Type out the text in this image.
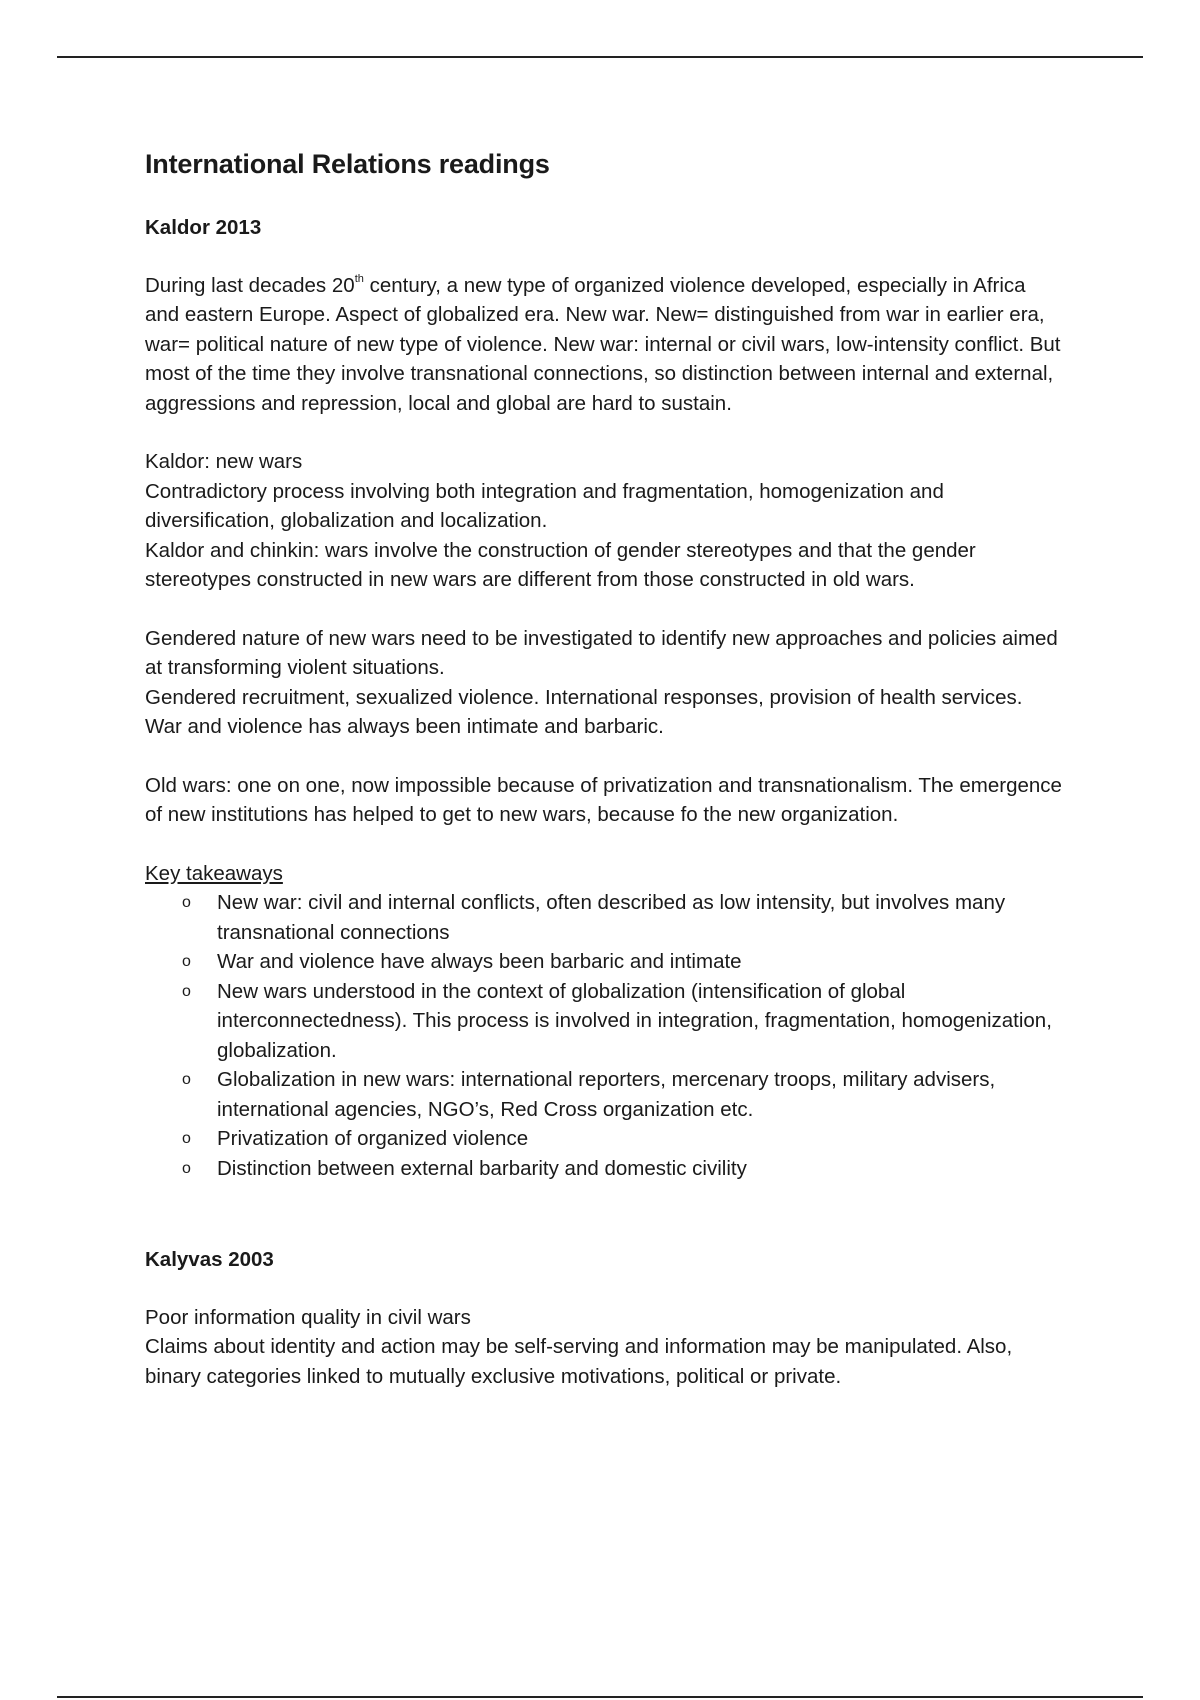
International Relations readings
Kaldor 2013

During last decades 20th century, a new type of organized violence developed, especially in Africa and eastern Europe. Aspect of globalized era. New war. New= distinguished from war in earlier era, war= political nature of new type of violence. New war: internal or civil wars, low-intensity conflict. But most of the time they involve transnational connections, so distinction between internal and external, aggressions and repression, local and global are hard to sustain.

Kaldor: new wars
Contradictory process involving both integration and fragmentation, homogenization and diversification, globalization and localization.
Kaldor and chinkin: wars involve the construction of gender stereotypes and that the gender stereotypes constructed in new wars are different from those constructed in old wars.

Gendered nature of new wars need to be investigated to identify new approaches and policies aimed at transforming violent situations.
Gendered recruitment, sexualized violence. International responses, provision of health services.
War and violence has always been intimate and barbaric.

Old wars: one on one, now impossible because of privatization and transnationalism. The emergence of new institutions has helped to get to new wars, because fo the new organization.

Key takeaways
o New war: civil and internal conflicts, often described as low intensity, but involves many transnational connections
o War and violence have always been barbaric and intimate
o New wars understood in the context of globalization (intensification of global interconnectedness). This process is involved in integration, fragmentation, homogenization, globalization.
o Globalization in new wars: international reporters, mercenary troops, military advisers, international agencies, NGO’s, Red Cross organization etc.
o Privatization of organized violence
o Distinction between external barbarity and domestic civility
Kalyvas 2003

Poor information quality in civil wars
Claims about identity and action may be self-serving and information may be manipulated. Also, binary categories linked to mutually exclusive motivations, political or private.
